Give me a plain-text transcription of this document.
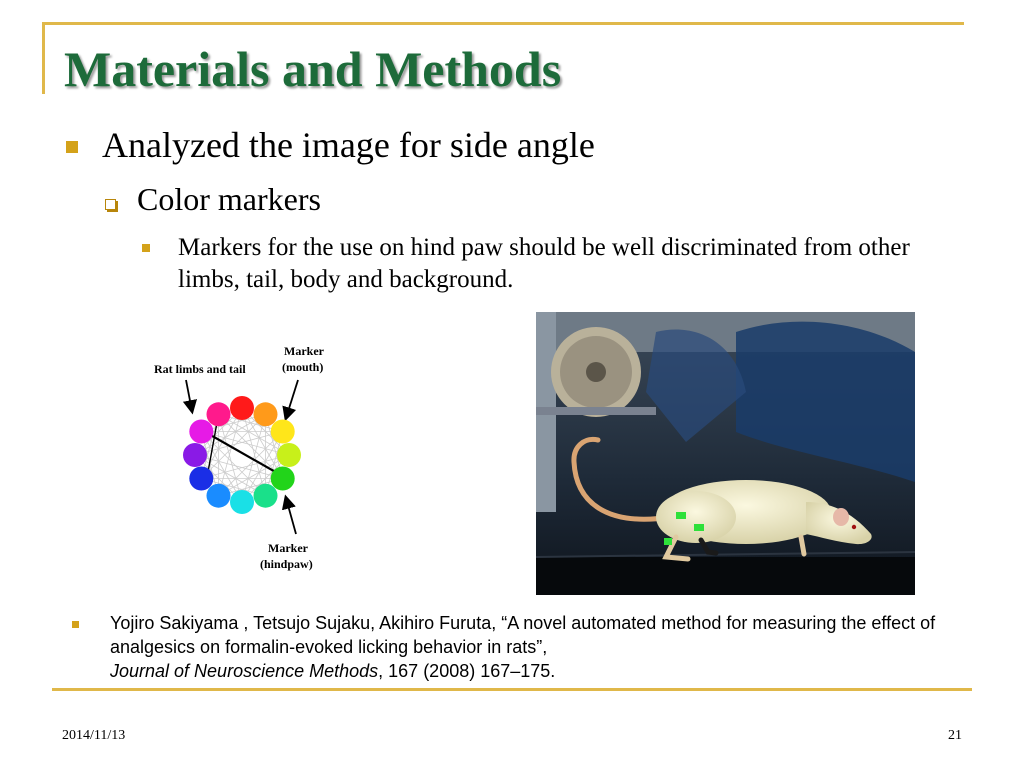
Materials and Methods
Analyzed the image for side angle
Color markers
Markers for the use on hind paw should be well discriminated from other limbs, tail, body and background.
Rat limbs and tail
Marker
(mouth)
Marker
(hindpaw)
Yojiro Sakiyama , Tetsujo Sujaku, Akihiro Furuta, “A novel automated method for measuring the effect of analgesics on formalin-evoked licking behavior in rats”,
Journal of Neuroscience Methods, 167 (2008) 167–175.
2014/11/13	21
